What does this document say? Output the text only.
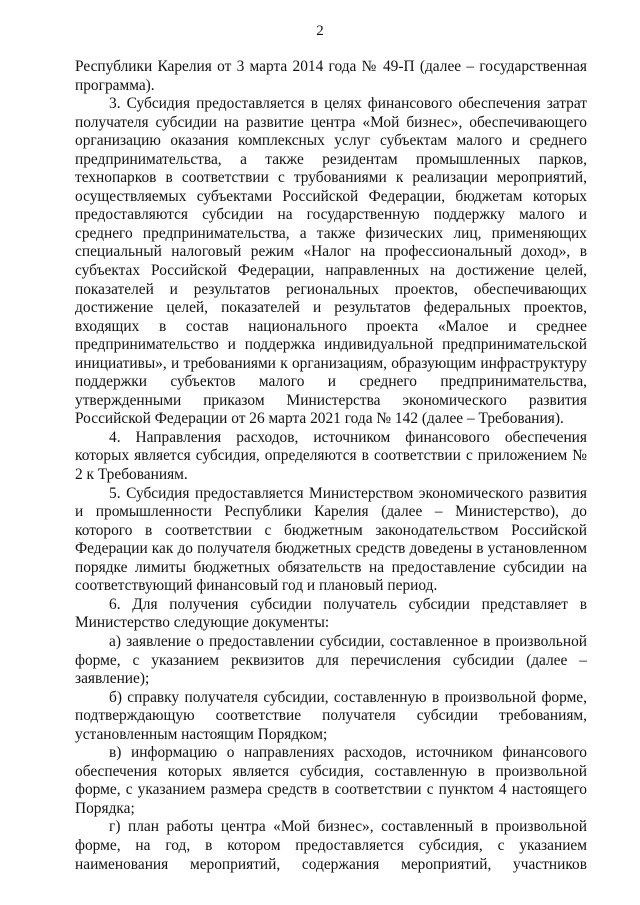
2

Республики Карелия от 3 марта 2014 года № 49-П (далее – государственная программа).

3. Субсидия предоставляется в целях финансового обеспечения затрат получателя субсидии на развитие центра «Мой бизнес», обеспечивающего организацию оказания комплексных услуг субъектам малого и среднего предпринимательства, а также резидентам промышленных парков, технопарков в соответствии с трубованиями к реализации мероприятий, осуществляемых субъектами Российской Федерации, бюджетам которых предоставляются субсидии на государственную поддержку малого и среднего предпринимательства, а также физических лиц, применяющих специальный налоговый режим «Налог на профессиональный доход», в субъектах Российской Федерации, направленных на достижение целей, показателей и результатов региональных проектов, обеспечивающих достижение целей, показателей и результатов федеральных проектов, входящих в состав национального проекта «Малое и среднее предпринимательство и поддержка индивидуальной предпринимательской инициативы», и требованиями к организациям, образующим инфраструктуру поддержки субъектов малого и среднего предпринимательства, утвержденными приказом Министерства экономического развития Российской Федерации от 26 марта 2021 года № 142 (далее – Требования).

4. Направления расходов, источником финансового обеспечения которых является субсидия, определяются в соответствии с приложением № 2 к Требованиям.

5. Субсидия предоставляется Министерством экономического развития и промышленности Республики Карелия (далее – Министерство), до которого в соответствии с бюджетным законодательством Российской Федерации как до получателя бюджетных средств доведены в установленном порядке лимиты бюджетных обязательств на предоставление субсидии на соответствующий финансовый год и плановый период.

6. Для получения субсидии получатель субсидии представляет в Министерство следующие документы:

а) заявление о предоставлении субсидии, составленное в произвольной форме, с указанием реквизитов для перечисления субсидии (далее – заявление);

б) справку получателя субсидии, составленную в произвольной форме, подтверждающую соответствие получателя субсидии требованиям, установленным настоящим Порядком;

в) информацию о направлениях расходов, источником финансового обеспечения которых является субсидия, составленную в произвольной форме, с указанием размера средств в соответствии с пунктом 4 настоящего Порядка;

г) план работы центра «Мой бизнес», составленный в произвольной форме, на год, в котором предоставляется субсидия, с указанием наименования мероприятий, содержания мероприятий, участников
